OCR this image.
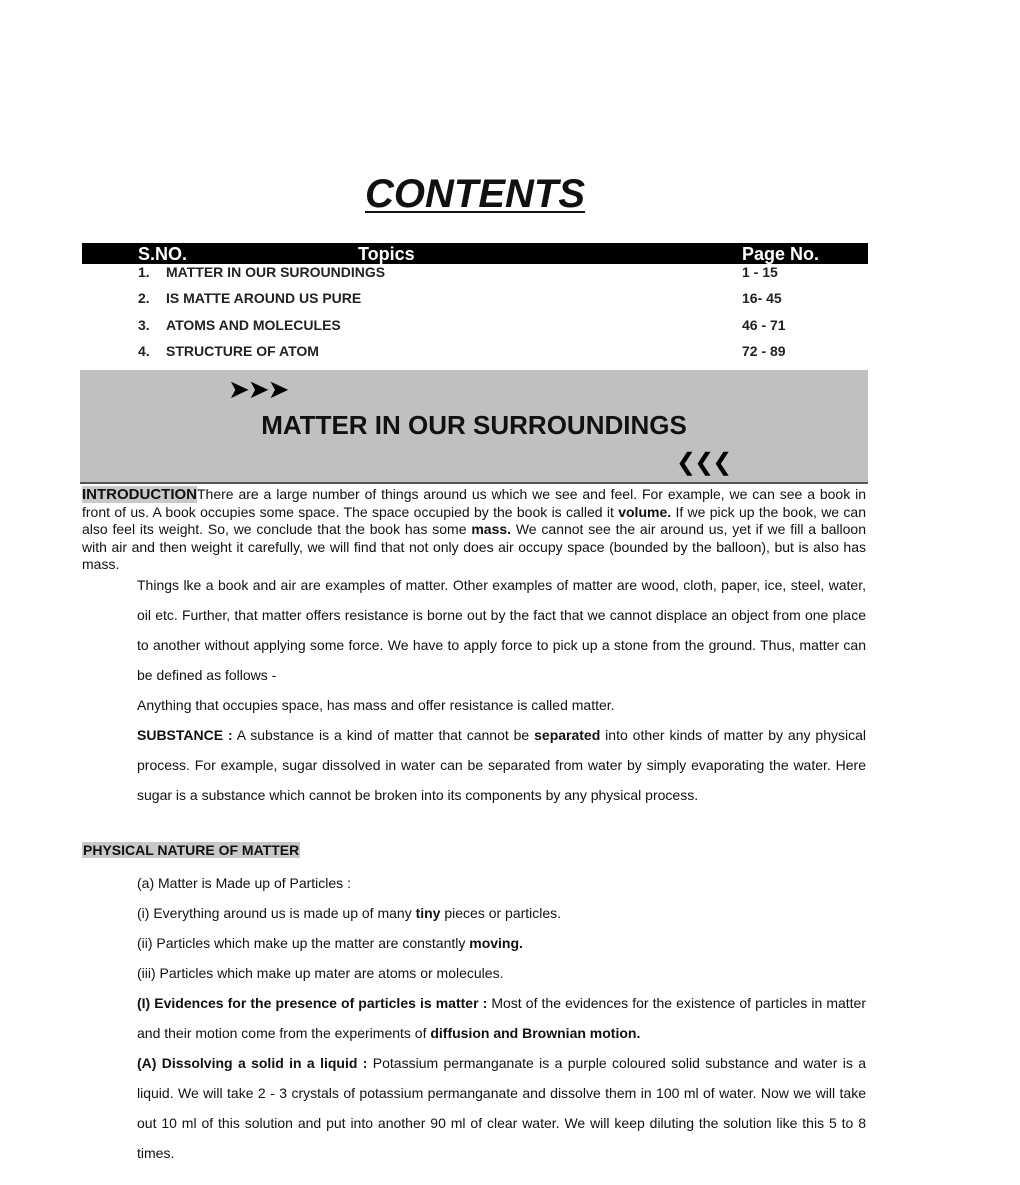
CONTENTS
S.NO.	Topics	Page No.
1. MATTER IN OUR SUROUNDINGS	1 - 15
2. IS MATTE AROUND US PURE	16- 45
3. ATOMS AND MOLECULES	46 - 71
4. STRUCTURE OF ATOM	72 - 89
➤➤➤
MATTER IN OUR SURROUNDINGS
❮❮❮
INTRODUCTIONThere are a large number of things around us which we see and feel. For example, we can see a book in front of us. A book occupies some space. The space occupied by the book is called it volume. If we pick up the book, we can also feel its weight. So, we conclude that the book has some mass. We cannot see the air around us, yet if we fill a balloon with air and then weight it carefully, we will find that not only does air occupy space (bounded by the balloon), but is also has mass.

Things lke a book and air are examples of matter. Other examples of matter are wood, cloth, paper, ice, steel, water, oil etc. Further, that matter offers resistance is borne out by the fact that we cannot displace an object from one place to another without applying some force. We have to apply force to pick up a stone from the ground. Thus, matter can be defined as follows -

Anything that occupies space, has mass and offer resistance is called matter.

SUBSTANCE : A substance is a kind of matter that cannot be separated into other kinds of matter by any physical process. For example, sugar dissolved in water can be separated from water by simply evaporating the water. Here sugar is a substance which cannot be broken into its components by any physical process.

PHYSICAL NATURE OF MATTER

(a) Matter is Made up of Particles :

(i) Everything around us is made up of many tiny pieces or particles.

(ii) Particles which make up the matter are constantly moving.

(iii) Particles which make up mater are atoms or molecules.

(I) Evidences for the presence of particles is matter : Most of the evidences for the existence of particles in matter and their motion come from the experiments of diffusion and Brownian motion.

(A) Dissolving a solid in a liquid : Potassium permanganate is a purple coloured solid substance and water is a liquid. We will take 2 - 3 crystals of potassium permanganate and dissolve them in 100 ml of water. Now we will take out 10 ml of this solution and put into another 90 ml of clear water. We will keep diluting the solution like this 5 to 8 times.
